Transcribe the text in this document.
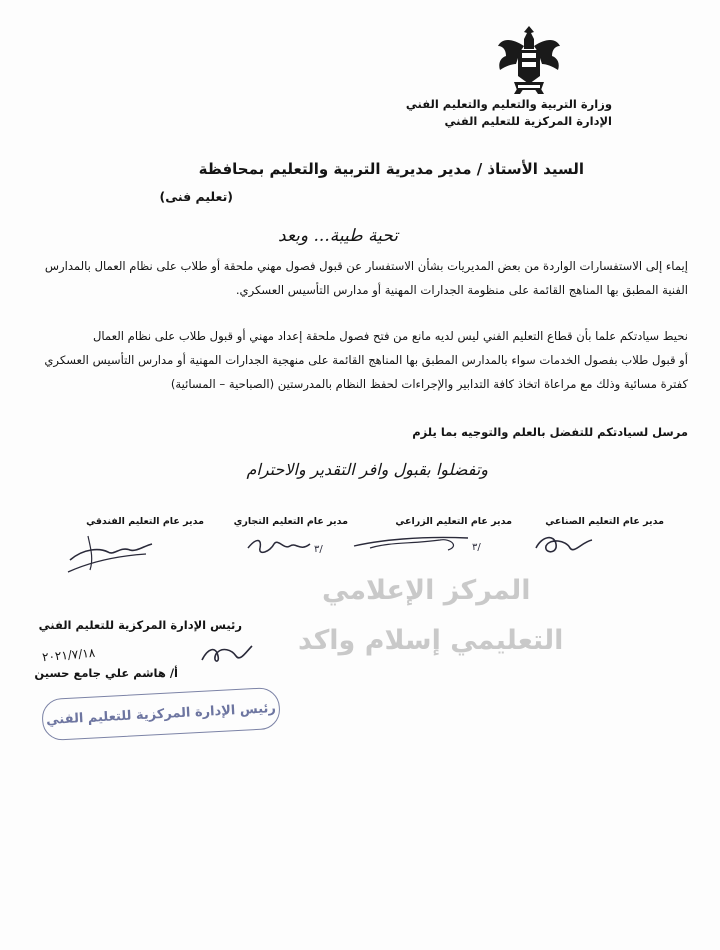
وزارة التربية والتعليم والتعليم الفني
الإدارة المركزية للتعليم الفني
السيد الأستاذ / مدير مديرية التربية والتعليم بمحافظة
(تعليم فنى)
تحية طيبة... وبعد
إيماء إلى الاستفسارات الواردة من بعض المديريات بشأن الاستفسار عن قبول فصول مهني ملحقة أو طلاب على نظام العمال بالمدارس
الفنية المطبق بها المناهج القائمة على منظومة الجدارات المهنية أو مدارس التأسيس العسكري.
نحيط سيادتكم علما بأن قطاع التعليم الفني ليس لديه مانع من فتح فصول ملحقة إعداد مهني أو قبول طلاب على نظام العمال
أو قبول طلاب بفصول الخدمات سواء بالمدارس المطبق بها المناهج القائمة على منهجية الجدارات المهنية أو مدارس التأسيس العسكري
كفترة مسائية وذلك مع مراعاة اتخاذ كافة التدابير والإجراءات لحفظ النظام بالمدرستين (الصباحية – المسائية)
مرسل لسيادتكم للتفضل بالعلم والتوجيه بما يلزم
وتفضلوا بقبول وافر التقدير والاحترام
مدير عام التعليم الصناعي
مدير عام التعليم الزراعي
مدير عام التعليم التجاري
مدير عام التعليم الفندقي
٣/
٣/
رئيس الإدارة المركزية للتعليم الفني
٢٠٢١/٧/١٨
أ/ هاشم علي جامع حسين
رئيس الإدارة المركزية للتعليم الفني
المركز الإعلامي
التعليمي إسلام واكد
